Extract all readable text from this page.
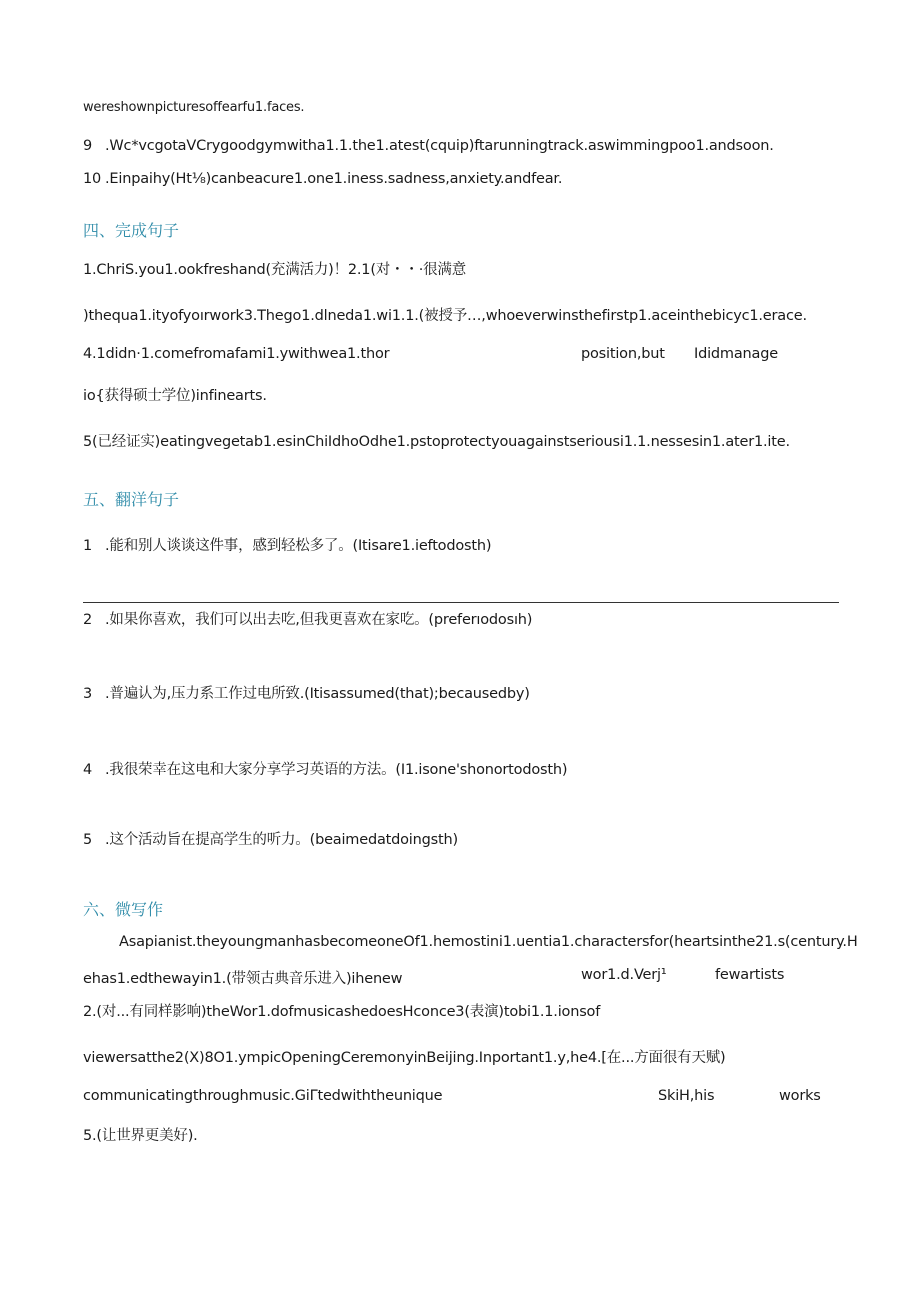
wereshownpicturesoffearfu1.faces.
9 .Wc*vcgotaVCrygoodgymwitha1.1.the1.atest(cquip)ftarunningtrack.aswimmingpoo1.andsoon.
10 .Einpaihy(Ht⅛)canbeacure1.one1.iness.sadness,anxiety.andfear.
四、完成句子
1.ChriS.you1.ookfreshand(充满活力)！2.1(对・・·很满意
)thequa1.ityofyoırwork3.Thego1.dlneda1.wi1.1.(被授予…,whoeverwinsthefirstp1.aceinthebicyc1.erace.
4.1didn·1.comefromafami1.ywithwea1.thor	position,but Ididmanage
io{获得硕士学位)infinearts.
5(已经证实)eatingvegetab1.esinChiIdhoOdhe1.pstoprotectyouagainstseriousi1.1.nessesin1.ater1.ite.
五、翻洋句子
1 .能和别人谈谈这件事，感到轻松多了。(Itisare1.ieftodosth)
2 .如果你喜欢，我们可以出去吃,但我更喜欢在家吃。(preferıodosıh)
3 .普遍认为,压力系工作过电所致.(Itisassumed(that);becausedby)
4 .我很荣幸在这电和大家分享学习英语的方法。(I1.isone'shonortodosth)
5 .这个活动旨在提高学生的听力。(beaimedatdoingsth)
六、微写作
Asapianist.theyoungmanhasbecomeoneOf1.hemostini1.uentia1.charactersfor(heartsinthe21.s(century.H
ehas1.edthewayin1.(带领古典音乐进入)ihenew	wor1.d.Verj¹	fewartists
2.(对...有同样影响)theWor1.dofmusicashedoesHconce3(表演)tobi1.1.ionsof
viewersatthe2(X)8O1.ympicOpeningCeremonyinBeijing.Inportant1.y,he4.[在...方面很有天赋)
communicatingthroughmusic.GiΓtedwiththeunique	SkiH,his	works
5.(让世界更美好).
